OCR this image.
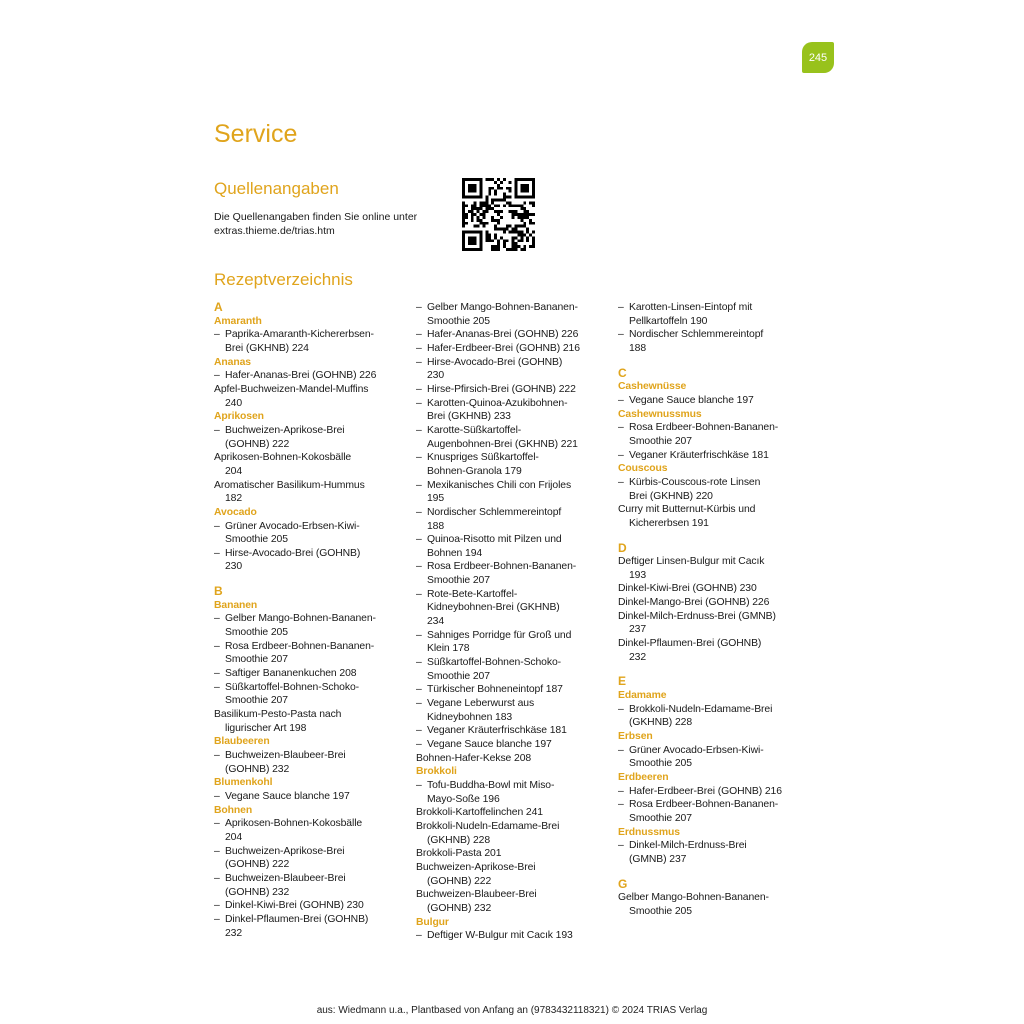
245
Service
Quellenangaben
Die Quellenangaben finden Sie online unter
extras.thieme.de/trias.htm
Rezeptverzeichnis
A
Amaranth
– Paprika-Amaranth-Kichererbsen-
Brei (GKHNB) 224
Ananas
– Hafer-Ananas-Brei (GOHNB) 226
Apfel-Buchweizen-Mandel-Muffins
240
Aprikosen
– Buchweizen-Aprikose-Brei
(GOHNB) 222
Aprikosen-Bohnen-Kokosbälle
204
Aromatischer Basilikum-Hummus
182
Avocado
– Grüner Avocado-Erbsen-Kiwi-
Smoothie 205
– Hirse-Avocado-Brei (GOHNB)
230
B
Bananen
– Gelber Mango-Bohnen-Bananen-
Smoothie 205
– Rosa Erdbeer-Bohnen-Bananen-
Smoothie 207
– Saftiger Bananenkuchen 208
– Süßkartoffel-Bohnen-Schoko-
Smoothie 207
Basilikum-Pesto-Pasta nach
ligurischer Art 198
Blaubeeren
– Buchweizen-Blaubeer-Brei
(GOHNB) 232
Blumenkohl
– Vegane Sauce blanche 197
Bohnen
– Aprikosen-Bohnen-Kokosbälle
204
– Buchweizen-Aprikose-Brei
(GOHNB) 222
– Buchweizen-Blaubeer-Brei
(GOHNB) 232
– Dinkel-Kiwi-Brei (GOHNB) 230
– Dinkel-Pflaumen-Brei (GOHNB)
232
– Gelber Mango-Bohnen-Bananen-
Smoothie 205
– Hafer-Ananas-Brei (GOHNB) 226
– Hafer-Erdbeer-Brei (GOHNB) 216
– Hirse-Avocado-Brei (GOHNB)
230
– Hirse-Pfirsich-Brei (GOHNB) 222
– Karotten-Quinoa-Azukibohnen-
Brei (GKHNB) 233
– Karotte-Süßkartoffel-
Augenbohnen-Brei (GKHNB) 221
– Knuspriges Süßkartoffel-
Bohnen-Granola 179
– Mexikanisches Chili con Frijoles
195
– Nordischer Schlemmereintopf
188
– Quinoa-Risotto mit Pilzen und
Bohnen 194
– Rosa Erdbeer-Bohnen-Bananen-
Smoothie 207
– Rote-Bete-Kartoffel-
Kidneybohnen-Brei (GKHNB)
234
– Sahniges Porridge für Groß und
Klein 178
– Süßkartoffel-Bohnen-Schoko-
Smoothie 207
– Türkischer Bohneneintopf 187
– Vegane Leberwurst aus
Kidneybohnen 183
– Veganer Kräuterfrischkäse 181
– Vegane Sauce blanche 197
Bohnen-Hafer-Kekse 208
Brokkoli
– Tofu-Buddha-Bowl mit Miso-
Mayo-Soße 196
Brokkoli-Kartoffelinchen 241
Brokkoli-Nudeln-Edamame-Brei
(GKHNB) 228
Brokkoli-Pasta 201
Buchweizen-Aprikose-Brei
(GOHNB) 222
Buchweizen-Blaubeer-Brei
(GOHNB) 232
Bulgur
– Deftiger W-Bulgur mit Cacık 193
– Karotten-Linsen-Eintopf mit
Pellkartoffeln 190
– Nordischer Schlemmereintopf
188
C
Cashewnüsse
– Vegane Sauce blanche 197
Cashewnussmus
– Rosa Erdbeer-Bohnen-Bananen-
Smoothie 207
– Veganer Kräuterfrischkäse 181
Couscous
– Kürbis-Couscous-rote Linsen
Brei (GKHNB) 220
Curry mit Butternut-Kürbis und
Kichererbsen 191
D
Deftiger Linsen-Bulgur mit Cacık
193
Dinkel-Kiwi-Brei (GOHNB) 230
Dinkel-Mango-Brei (GOHNB) 226
Dinkel-Milch-Erdnuss-Brei (GMNB)
237
Dinkel-Pflaumen-Brei (GOHNB)
232
E
Edamame
– Brokkoli-Nudeln-Edamame-Brei
(GKHNB) 228
Erbsen
– Grüner Avocado-Erbsen-Kiwi-
Smoothie 205
Erdbeeren
– Hafer-Erdbeer-Brei (GOHNB) 216
– Rosa Erdbeer-Bohnen-Bananen-
Smoothie 207
Erdnussmus
– Dinkel-Milch-Erdnuss-Brei
(GMNB) 237
G
Gelber Mango-Bohnen-Bananen-
Smoothie 205
aus: Wiedmann u.a., Plantbased von Anfang an (9783432118321) © 2024 TRIAS Verlag
